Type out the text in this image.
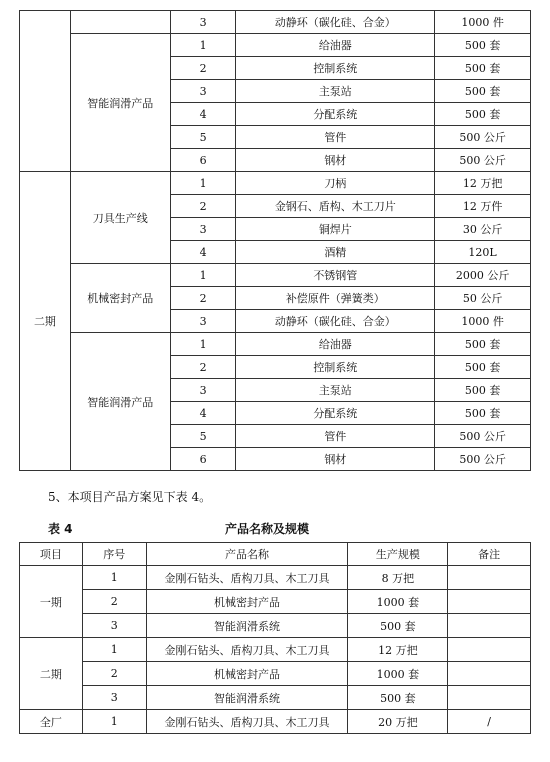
		3	动静环（碳化硅、合金）	1000 件
	智能润滑产品	1	给油器	500 套
		2	控制系统	500 套
		3	主泵站	500 套
		4	分配系统	500 套
		5	管件	500 公斤
		6	钢材	500 公斤
二期	刀具生产线	1	刀柄	12 万把
		2	金钢石、盾构、木工刀片	12 万件
		3	铜焊片	30 公斤
		4	酒精	120L
	机械密封产品	1	不锈钢管	2000 公斤
		2	补偿原件（弹簧类）	50 公斤
		3	动静环（碳化硅、合金）	1000 件
	智能润滑产品	1	给油器	500 套
		2	控制系统	500 套
		3	主泵站	500 套
		4	分配系统	500 套
		5	管件	500 公斤
		6	钢材	500 公斤
5、本项目产品方案见下表 4。
表 4	产品名称及规模
项目	序号	产品名称	生产规模	备注
一期	1	金刚石钻头、盾构刀具、木工刀具	8 万把	
	2	机械密封产品	1000 套	
	3	智能润滑系统	500 套	
二期	1	金刚石钻头、盾构刀具、木工刀具	12 万把	
	2	机械密封产品	1000 套	
	3	智能润滑系统	500 套	
全厂	1	金刚石钻头、盾构刀具、木工刀具	20 万把	/
